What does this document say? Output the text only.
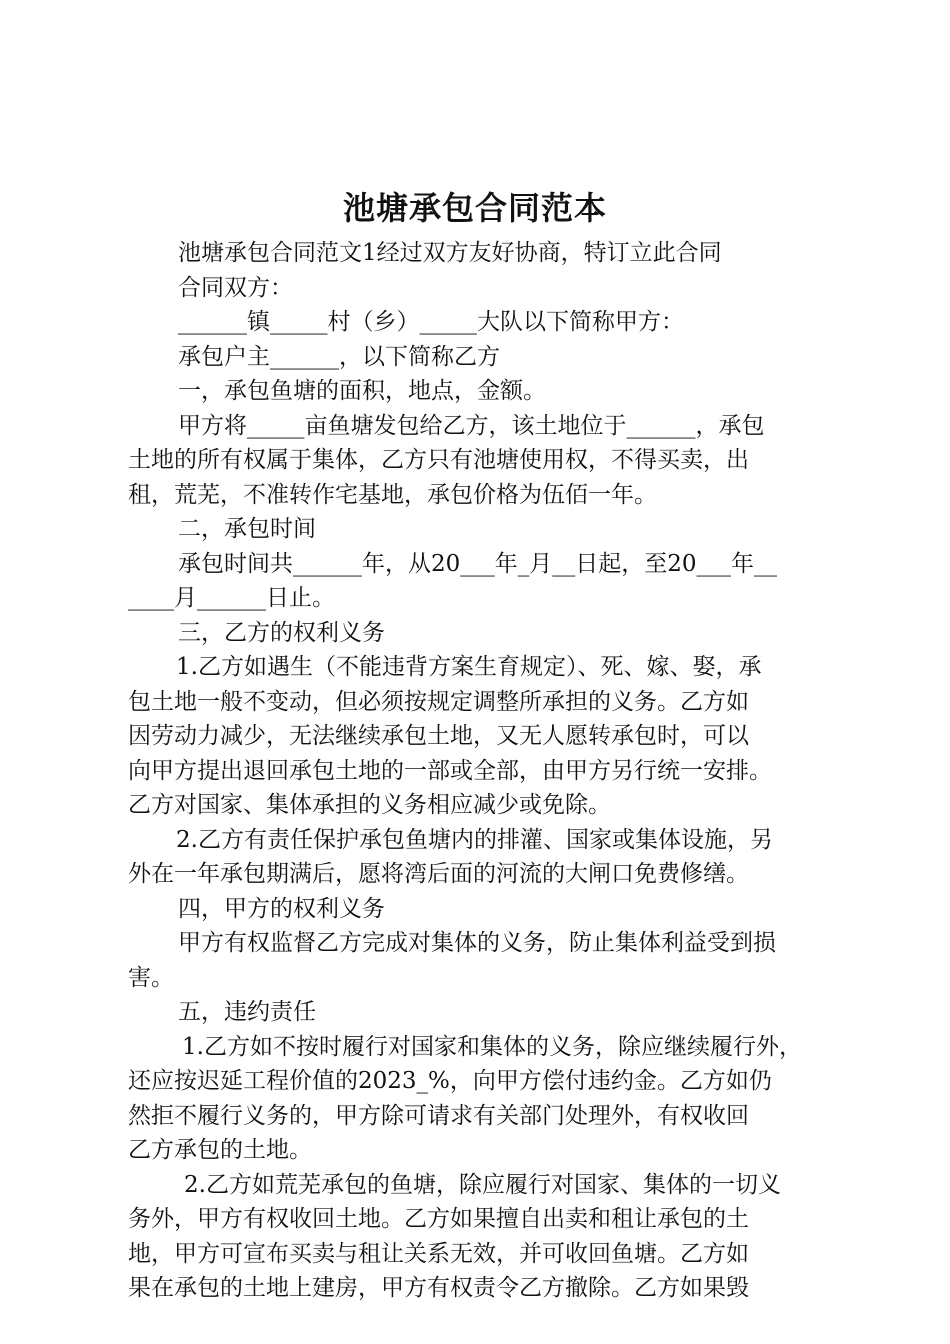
池塘承包合同范本
池塘承包合同范文1经过双方友好协商，特订立此合同
合同双方：
______镇_____村（乡）_____大队以下简称甲方：
承包户主______，以下简称乙方
一，承包鱼塘的面积，地点，金额。
甲方将_____亩鱼塘发包给乙方，该土地位于______，承包
土地的所有权属于集体，乙方只有池塘使用权，不得买卖，出
租，荒芜，不准转作宅基地，承包价格为伍佰一年。
二，承包时间
承包时间共______年，从20___年_月__日起，至20___年__
____月______日止。
三，乙方的权利义务
1.乙方如遇生（不能违背方案生育规定）、死、嫁、娶，承
包土地一般不变动，但必须按规定调整所承担的义务。乙方如
因劳动力减少，无法继续承包土地，又无人愿转承包时，可以
向甲方提出退回承包土地的一部或全部，由甲方另行统一安排。
乙方对国家、集体承担的义务相应减少或免除。
2.乙方有责任保护承包鱼塘内的排灌、国家或集体设施，另
外在一年承包期满后，愿将湾后面的河流的大闸口免费修缮。
四，甲方的权利义务
甲方有权监督乙方完成对集体的义务，防止集体利益受到损
害。
五，违约责任
1.乙方如不按时履行对国家和集体的义务，除应继续履行外，
还应按迟延工程价值的2023_%，向甲方偿付违约金。乙方如仍
然拒不履行义务的，甲方除可请求有关部门处理外，有权收回
乙方承包的土地。
2.乙方如荒芜承包的鱼塘，除应履行对国家、集体的一切义
务外，甲方有权收回土地。乙方如果擅自出卖和租让承包的土
地，甲方可宣布买卖与租让关系无效，并可收回鱼塘。乙方如
果在承包的土地上建房，甲方有权责令乙方撤除。乙方如果毁
